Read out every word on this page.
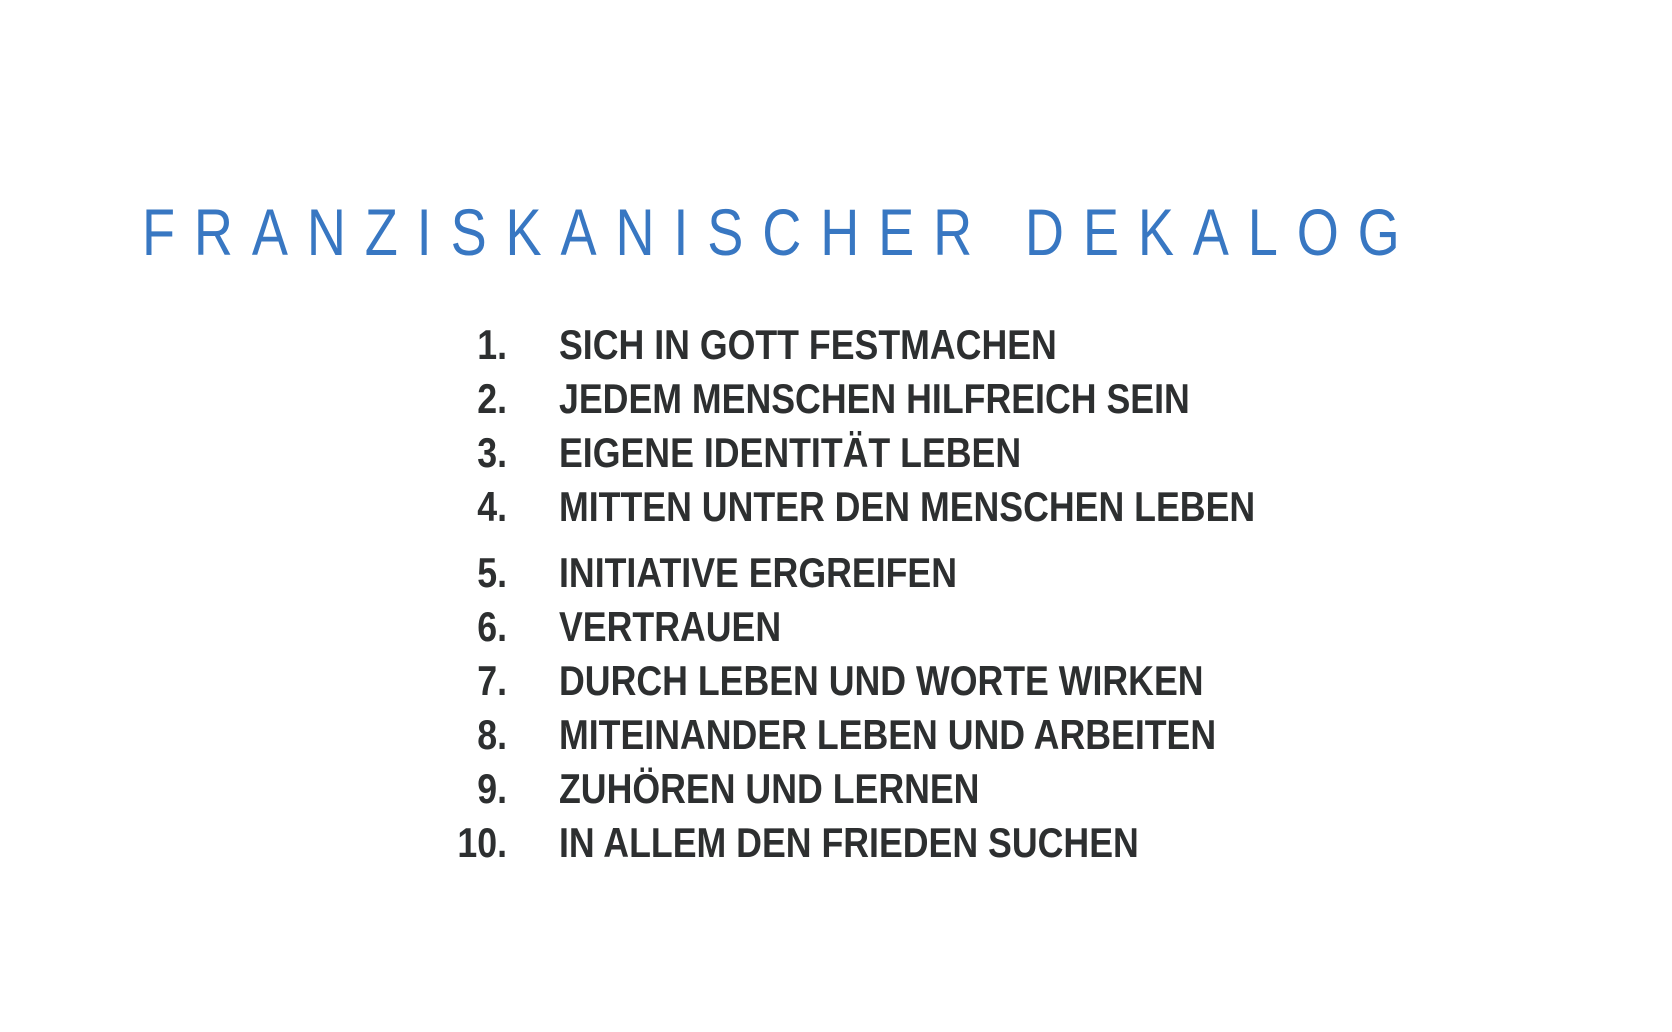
FRANZISKANISCHER DEKALOG
1. SICH IN GOTT FESTMACHEN
2. JEDEM MENSCHEN HILFREICH SEIN
3. EIGENE IDENTITÄT LEBEN
4. MITTEN UNTER DEN MENSCHEN LEBEN
5. INITIATIVE ERGREIFEN
6. VERTRAUEN
7. DURCH LEBEN UND WORTE WIRKEN
8. MITEINANDER LEBEN UND ARBEITEN
9. ZUHÖREN UND LERNEN
10. IN ALLEM DEN FRIEDEN SUCHEN
